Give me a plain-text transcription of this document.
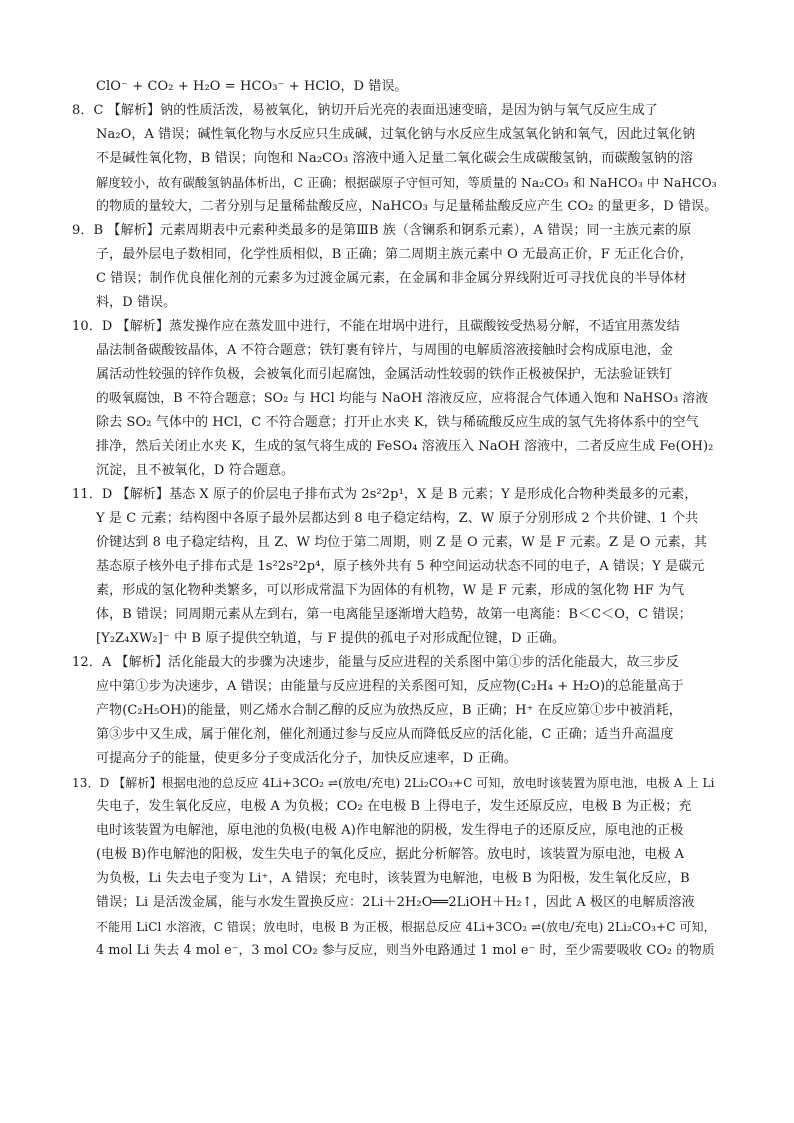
ClO⁻ + CO₂ + H₂O = HCO₃⁻ + HClO，D 错误。
8．C 【解析】钠的性质活泼，易被氧化，钠切开后光亮的表面迅速变暗，是因为钠与氧气反应生成了
Na₂O，A 错误；碱性氧化物与水反应只生成碱，过氧化钠与水反应生成氢氧化钠和氧气，因此过氧化钠
不是碱性氧化物，B 错误；向饱和 Na₂CO₃ 溶液中通入足量二氧化碳会生成碳酸氢钠，而碳酸氢钠的溶
解度较小，故有碳酸氢钠晶体析出，C 正确；根据碳原子守恒可知，等质量的 Na₂CO₃ 和 NaHCO₃ 中 NaHCO₃
的物质的量较大，二者分别与足量稀盐酸反应，NaHCO₃ 与足量稀盐酸反应产生 CO₂ 的量更多，D 错误。
9．B 【解析】元素周期表中元素种类最多的是第ⅢB 族（含镧系和锕系元素），A 错误；同一主族元素的原
子，最外层电子数相同，化学性质相似，B 正确；第二周期主族元素中 O 无最高正价，F 无正化合价，
C 错误；制作优良催化剂的元素多为过渡金属元素，在金属和非金属分界线附近可寻找优良的半导体材
料，D 错误。
10．D 【解析】蒸发操作应在蒸发皿中进行，不能在坩埚中进行，且碳酸铵受热易分解，不适宜用蒸发结
晶法制备碳酸铵晶体，A 不符合题意；铁钉裹有锌片，与周围的电解质溶液接触时会构成原电池，金
属活动性较强的锌作负极，会被氧化而引起腐蚀，金属活动性较弱的铁作正极被保护，无法验证铁钉
的吸氧腐蚀，B 不符合题意；SO₂ 与 HCl 均能与 NaOH 溶液反应，应将混合气体通入饱和 NaHSO₃ 溶液
除去 SO₂ 气体中的 HCl，C 不符合题意；打开止水夹 K，铁与稀硫酸反应生成的氢气先将体系中的空气
排净，然后关闭止水夹 K，生成的氢气将生成的 FeSO₄ 溶液压入 NaOH 溶液中，二者反应生成 Fe(OH)₂
沉淀，且不被氧化，D 符合题意。
11．D 【解析】基态 X 原子的价层电子排布式为 2s²2p¹，X 是 B 元素；Y 是形成化合物种类最多的元素，
Y 是 C 元素；结构图中各原子最外层都达到 8 电子稳定结构，Z、W 原子分别形成 2 个共价键、1 个共
价键达到 8 电子稳定结构，且 Z、W 均位于第二周期，则 Z 是 O 元素，W 是 F 元素。Z 是 O 元素，其
基态原子核外电子排布式是 1s²2s²2p⁴，原子核外共有 5 种空间运动状态不同的电子，A 错误；Y 是碳元
素，形成的氢化物种类繁多，可以形成常温下为固体的有机物，W 是 F 元素，形成的氢化物 HF 为气
体，B 错误；同周期元素从左到右，第一电离能呈逐渐增大趋势，故第一电离能：B＜C＜O，C 错误；
[Y₂Z₄XW₂]⁻ 中 B 原子提供空轨道，与 F 提供的孤电子对形成配位键，D 正确。
12．A 【解析】活化能最大的步骤为决速步，能量与反应进程的关系图中第①步的活化能最大，故三步反
应中第①步为决速步，A 错误；由能量与反应进程的关系图可知，反应物(C₂H₄ + H₂O)的总能量高于
产物(C₂H₅OH)的能量，则乙烯水合制乙醇的反应为放热反应，B 正确；H⁺ 在反应第①步中被消耗，
第③步中又生成，属于催化剂，催化剂通过参与反应从而降低反应的活化能，C 正确；适当升高温度
可提高分子的能量，使更多分子变成活化分子，加快反应速率，D 正确。
13．D 【解析】根据电池的总反应 4Li+3CO₂ ⇌(放电/充电) 2Li₂CO₃+C 可知，放电时该装置为原电池，电极 A 上 Li
失电子，发生氧化反应，电极 A 为负极；CO₂ 在电极 B 上得电子，发生还原反应，电极 B 为正极；充
电时该装置为电解池，原电池的负极(电极 A)作电解池的阴极，发生得电子的还原反应，原电池的正极
(电极 B)作电解池的阳极，发生失电子的氧化反应，据此分析解答。放电时，该装置为原电池，电极 A
为负极，Li 失去电子变为 Li⁺，A 错误；充电时，该装置为电解池，电极 B 为阳极，发生氧化反应，B
错误；Li 是活泼金属，能与水发生置换反应：2Li＋2H₂O══2LiOH＋H₂↑，因此 A 极区的电解质溶液
不能用 LiCl 水溶液，C 错误；放电时，电极 B 为正极，根据总反应 4Li+3CO₂ ⇌(放电/充电) 2Li₂CO₃+C 可知，
4 mol Li 失去 4 mol e⁻，3 mol CO₂ 参与反应，则当外电路通过 1 mol e⁻ 时，至少需要吸收 CO₂ 的物质
